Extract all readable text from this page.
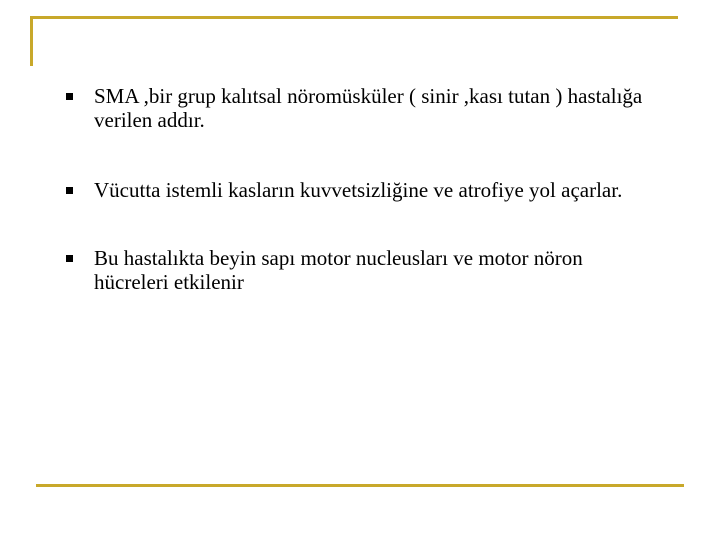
SMA ,bir grup kalıtsal nöromüsküler ( sinir ,kası tutan ) hastalığa verilen addır.
Vücutta istemli kasların kuvvetsizliğine ve atrofiye yol açarlar.
Bu hastalıkta beyin sapı motor nucleusları ve motor nöron hücreleri etkilenir
